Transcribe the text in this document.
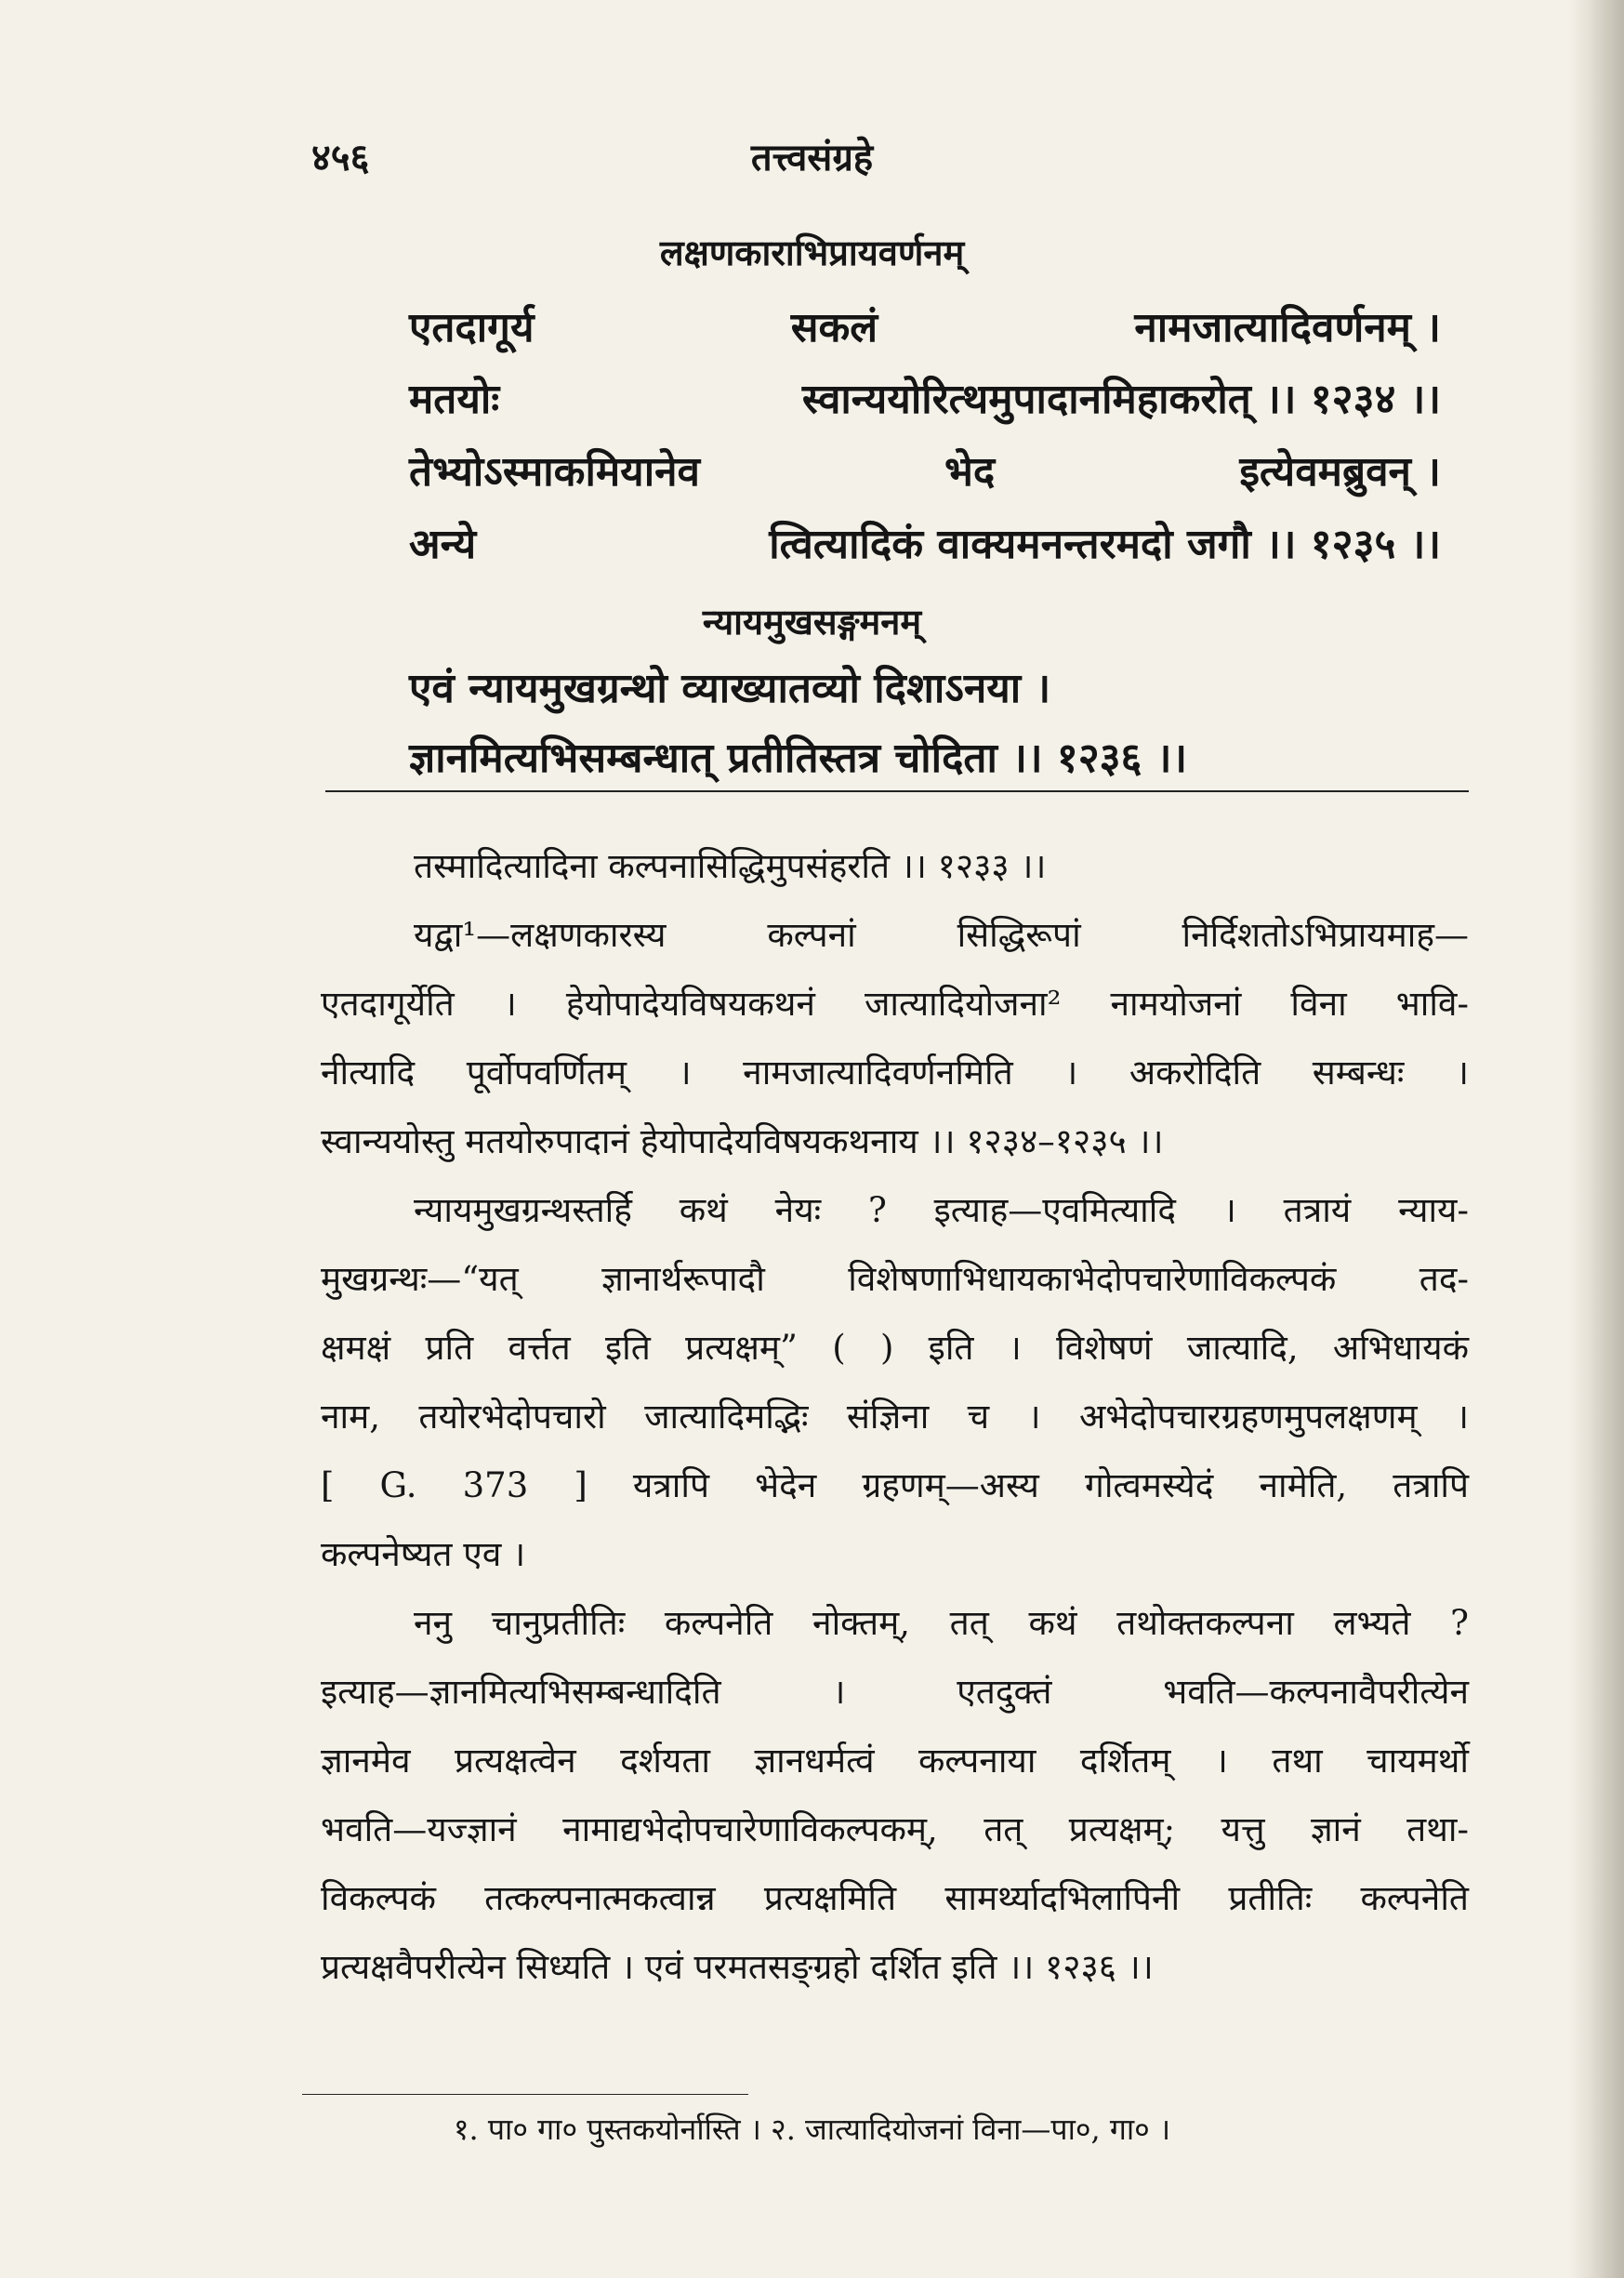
४५६	तत्त्वसंग्रहे
लक्षणकाराभिप्रायवर्णनम्
एतदागूर्य	सकलं	नामजात्यादिवर्णनम् ।
मतयोः	स्वान्ययोरित्थमुपादानमिहाकरोत् ।। १२३४ ।।
तेभ्योऽस्माकमियानेव	भेद	इत्येवमब्रुवन् ।
अन्ये	त्वित्यादिकं वाक्यमनन्तरमदो जगौ ।। १२३५ ।।
न्यायमुखसङ्गमनम्
एवं न्यायमुखग्रन्थो व्याख्यातव्यो दिशाऽनया ।
ज्ञानमित्यभिसम्बन्धात् प्रतीतिस्तत्र चोदिता ।। १२३६ ।।
तस्मादित्यादिना कल्पनासिद्धिमुपसंहरति ।। १२३३ ।।
यद्वा¹—लक्षणकारस्य कल्पनां सिद्धिरूपां निर्दिशतोऽभिप्रायमाह—
एतदागूर्येति । हेयोपादेयविषयकथनं जात्यादियोजना² नामयोजनां विना भावि-
नीत्यादि पूर्वोपवर्णितम् । नामजात्यादिवर्णनमिति । अकरोदिति सम्बन्धः ।
स्वान्ययोस्तु मतयोरुपादानं हेयोपादेयविषयकथनाय ।। १२३४–१२३५ ।।
न्यायमुखग्रन्थस्तर्हि कथं नेयः ? इत्याह—एवमित्यादि । तत्रायं न्याय-
मुखग्रन्थः—“यत् ज्ञानार्थरूपादौ विशेषणाभिधायकाभेदोपचारेणाविकल्पकं तद-
क्षमक्षं प्रति वर्त्तत इति प्रत्यक्षम्” ( ) इति । विशेषणं जात्यादि, अभिधायकं
नाम, तयोरभेदोपचारो जात्यादिमद्भिः संज्ञिना च । अभेदोपचारग्रहणमुपलक्षणम् ।
[ G. 373 ] यत्रापि भेदेन ग्रहणम्—अस्य गोत्वमस्येदं नामेति, तत्रापि
कल्पनेष्यत एव ।
ननु चानुप्रतीतिः कल्पनेति नोक्तम्, तत् कथं तथोक्तकल्पना लभ्यते ?
इत्याह—ज्ञानमित्यभिसम्बन्धादिति । एतदुक्तं भवति—कल्पनावैपरीत्येन
ज्ञानमेव प्रत्यक्षत्वेन दर्शयता ज्ञानधर्मत्वं कल्पनाया दर्शितम् । तथा चायमर्थो
भवति—यज्ज्ञानं नामाद्यभेदोपचारेणाविकल्पकम्, तत् प्रत्यक्षम्; यत्तु ज्ञानं तथा-
विकल्पकं तत्कल्पनात्मकत्वान्न प्रत्यक्षमिति सामर्थ्यादभिलापिनी प्रतीतिः कल्पनेति
प्रत्यक्षवैपरीत्येन सिध्यति । एवं परमतसङ्ग्रहो दर्शित इति ।। १२३६ ।।
१. पा० गा० पुस्तकयोर्नास्ति । २. जात्यादियोजनां विना—पा०, गा० ।
